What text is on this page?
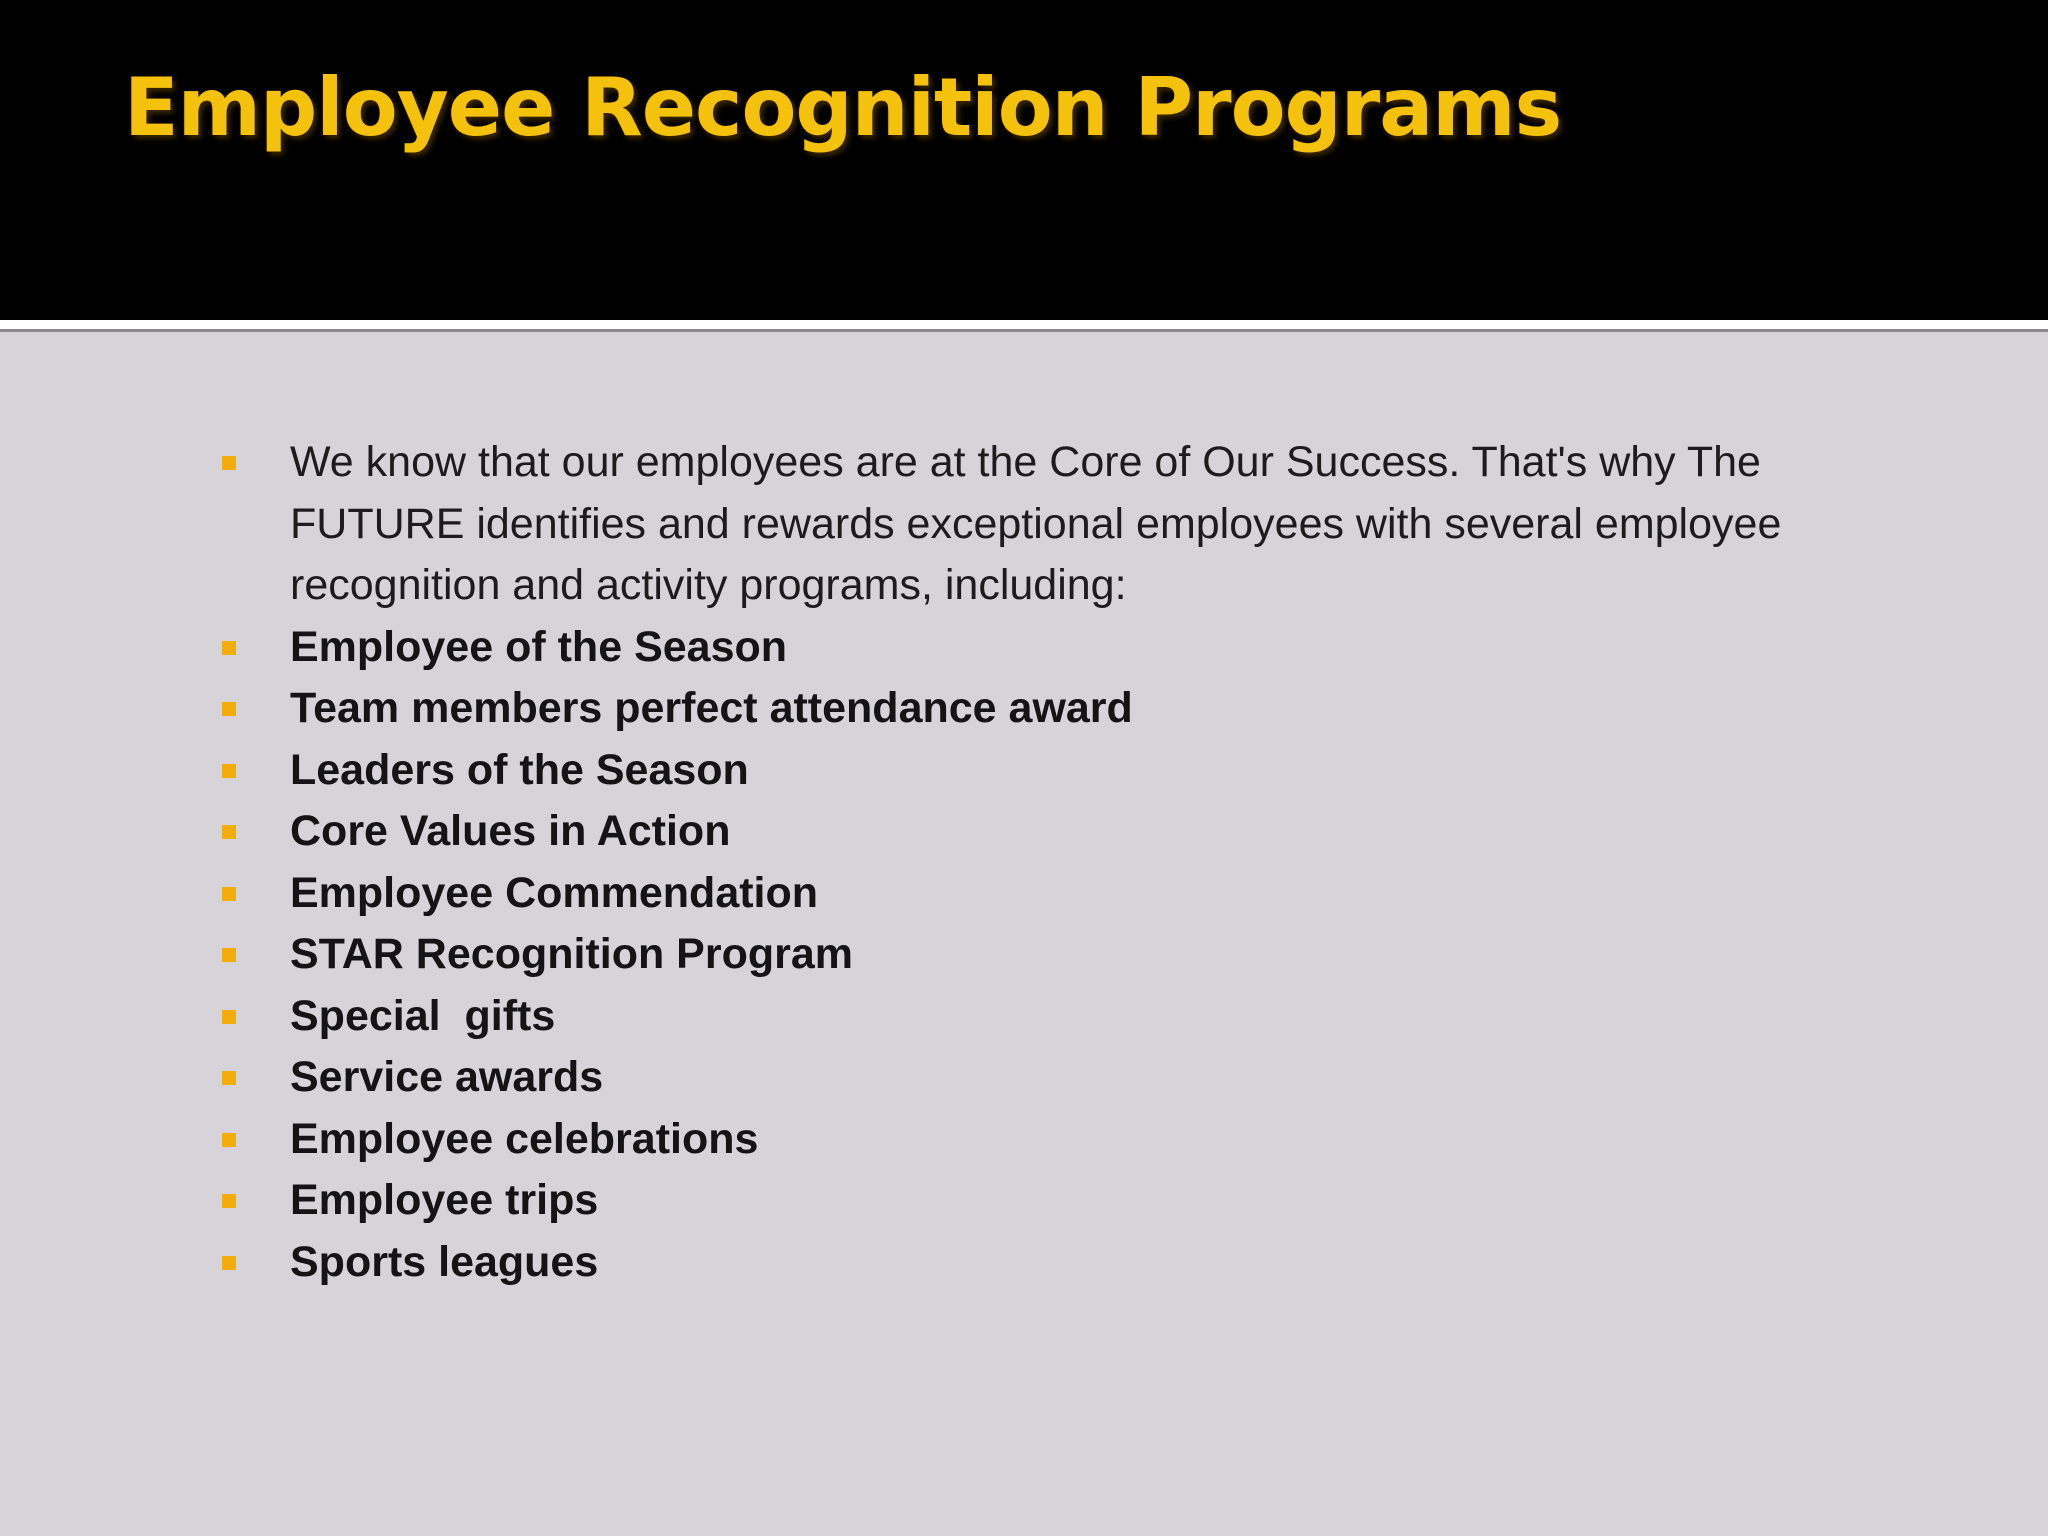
Employee Recognition Programs
We know that our employees are at the Core of Our Success. That's why The FUTURE identifies and rewards exceptional employees with several employee recognition and activity programs, including:
Employee of the Season
Team members perfect attendance award
Leaders of the Season
Core Values in Action
Employee Commendation
STAR Recognition Program
Special  gifts
Service awards
Employee celebrations
Employee trips
Sports leagues
